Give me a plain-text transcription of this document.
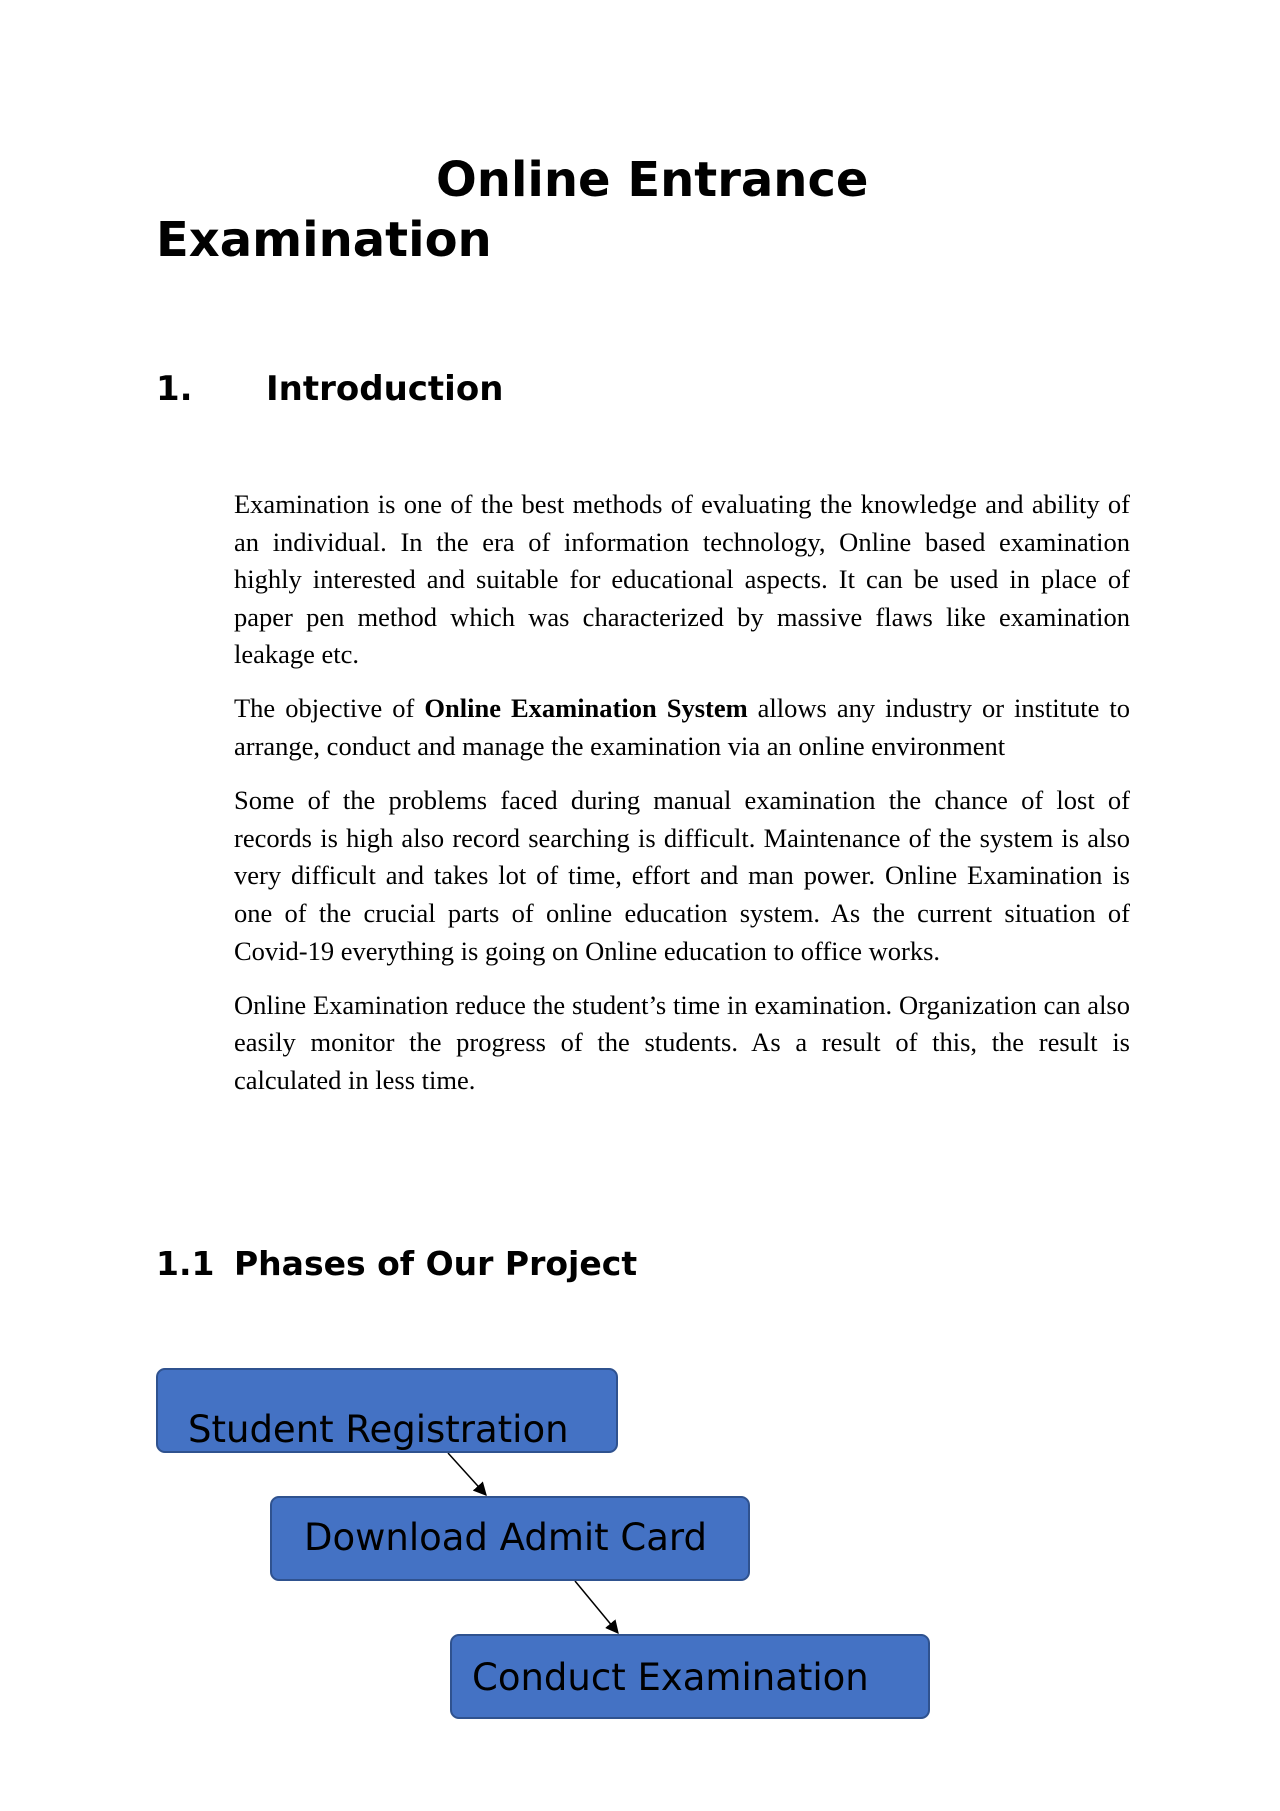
Online Entrance
Examination
1. Introduction

Examination is one of the best methods of evaluating the knowledge and ability of an individual. In the era of information technology, Online based examination highly interested and suitable for educational aspects. It can be used in place of paper pen method which was characterized by massive flaws like examination leakage etc.

The objective of Online Examination System allows any industry or institute to arrange, conduct and manage the examination via an online environment

Some of the problems faced during manual examination the chance of lost of records is high also record searching is difficult. Maintenance of the system is also very difficult and takes lot of time, effort and man power. Online Examination is one of the crucial parts of online education system. As the current situation of Covid-19 everything is going on Online education to office works.

Online Examination reduce the student’s time in examination. Organization can also easily monitor the progress of the students. As a result of this, the result is calculated in less time.

1.1 Phases of Our Project
Student Registration
Download Admit Card
Conduct Examination
